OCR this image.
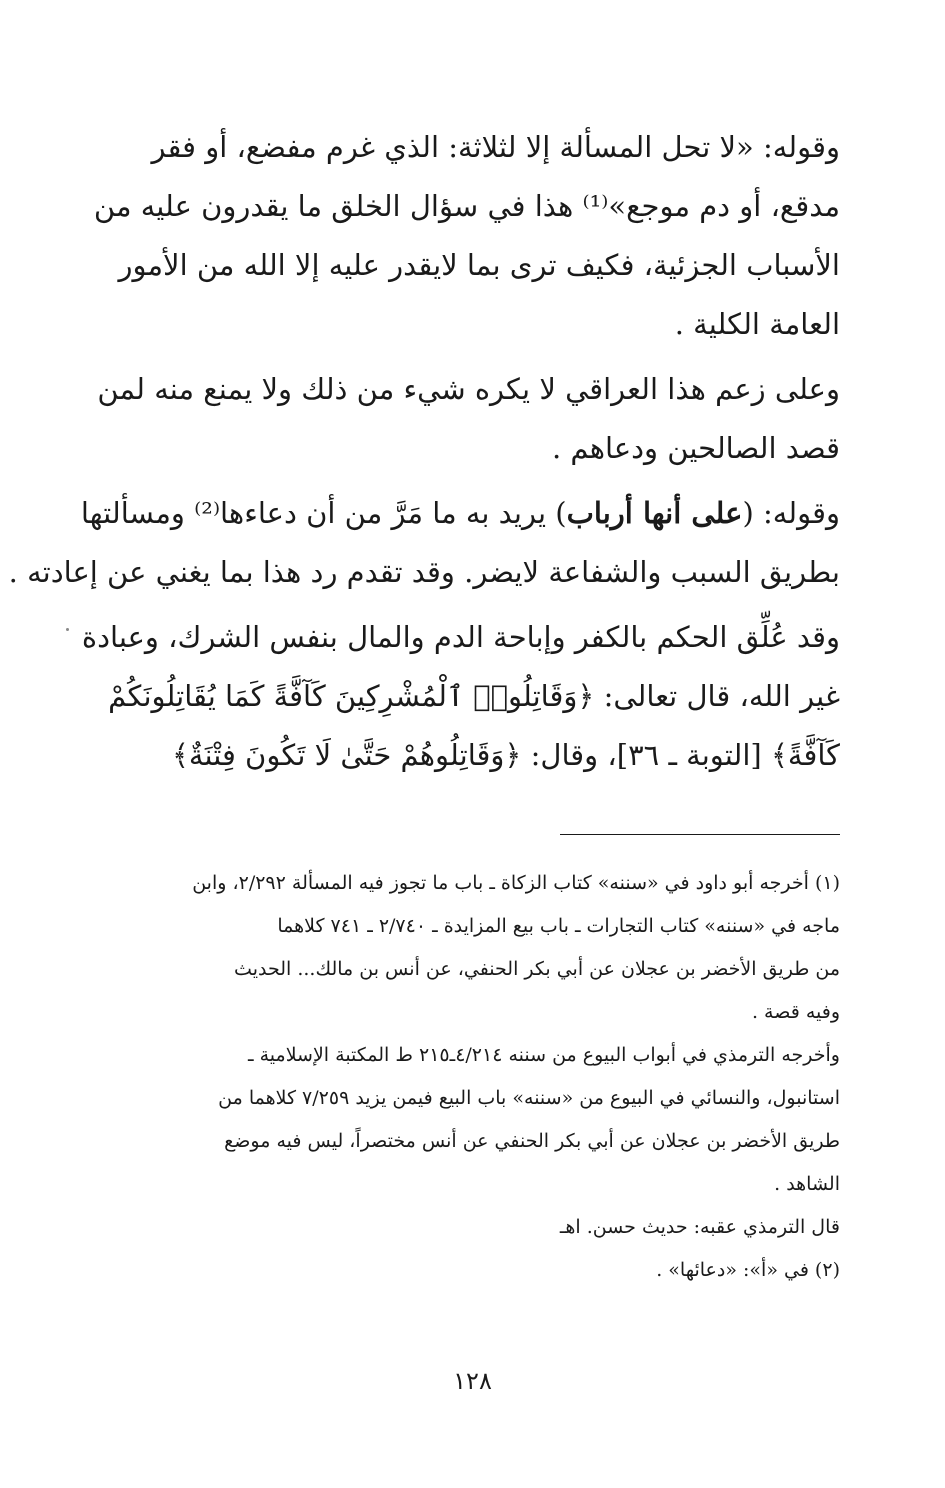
وقوله: «لا تحل المسألة إلا لثلاثة: الذي غرم مفضع، أو فقر
مدقع، أو دم موجع»⁽¹⁾ هذا في سؤال الخلق ما يقدرون عليه من
الأسباب الجزئية، فكيف ترى بما لايقدر عليه إلا الله من الأمور
العامة الكلية .
وعلى زعم هذا العراقي لا يكره شيء من ذلك ولا يمنع منه لمن
قصد الصالحين ودعاهم .
وقوله: (على أنها أرباب) يريد به ما مَرَّ من أن دعاءها⁽²⁾ ومسألتها
بطريق السبب والشفاعة لايضر. وقد تقدم رد هذا بما يغني عن إعادته .
وقد عُلِّق الحكم بالكفر وإباحة الدم والمال بنفس الشرك، وعبادة
غير الله، قال تعالى: ﴿وَقَاتِلُوا۟ ٱلْمُشْرِكِينَ كَآفَّةً كَمَا يُقَاتِلُونَكُمْ
كَآفَّةً﴾ [التوبة ـ ٣٦]، وقال: ﴿وَقَاتِلُوهُمْ حَتَّىٰ لَا تَكُونَ فِتْنَةٌ﴾
(١) أخرجه أبو داود في «سننه» كتاب الزكاة ـ باب ما تجوز فيه المسألة ٢/٢٩٢، وابن
ماجه في «سننه» كتاب التجارات ـ باب بيع المزايدة ـ ٢/٧٤٠ ـ ٧٤١ كلاهما
من طريق الأخضر بن عجلان عن أبي بكر الحنفي، عن أنس بن مالك... الحديث
وفيه قصة .
وأخرجه الترمذي في أبواب البيوع من سننه ٤/٢١٤ـ٢١٥ ط المكتبة الإسلامية ـ
استانبول، والنسائي في البيوع من «سننه» باب البيع فيمن يزيد ٧/٢٥٩ كلاهما من
طريق الأخضر بن عجلان عن أبي بكر الحنفي عن أنس مختصراً، ليس فيه موضع
الشاهد .
قال الترمذي عقبه: حديث حسن. اهـ
(٢) في «أ»: «دعائها» .
١٢٨
